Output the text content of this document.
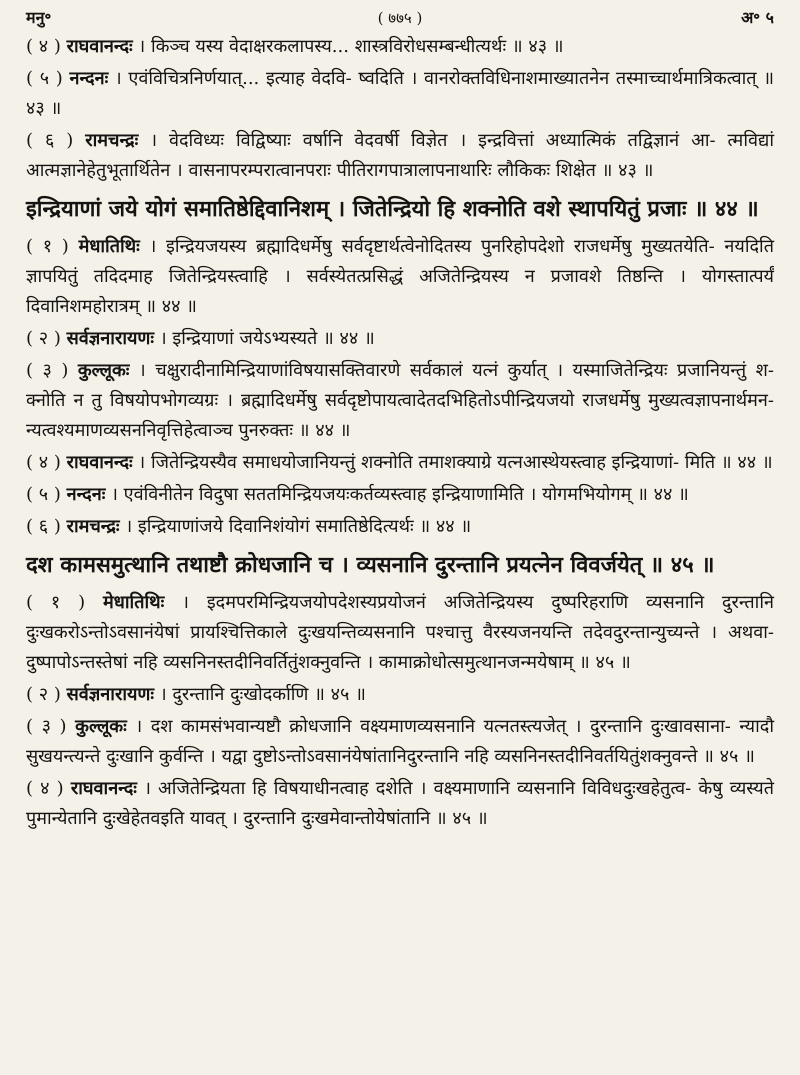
मनु॰	( ७७५ )	अ॰ ५

( ४ ) राघवानन्दः । किञ्च यस्य वेदाक्षरकलापस्य... शास्त्रविरोधसम्बन्धीत्यर्थः ॥ ४३ ॥

( ५ ) नन्दनः । एवंविचित्रनिर्णयात्... इत्याह वेदवि- ष्वदिति । वानरोक्तविधिनाशमाख्यातनेन तस्माच्चार्थमात्रिकत्वात् ॥ ४३ ॥

( ६ ) रामचन्द्रः । वेदविध्यः विद्विष्याः वर्षानि वेदवर्षी विज्ञेत । इन्द्रवित्तां अध्यात्मिकं तद्विज्ञानं आ- त्मविद्यां आत्मज्ञानेहेतुभूतार्थितेन । वासनापरम्परात्वानपराः पीतिरागपात्रालापनाथारिः लौकिकः शिक्षेत ॥ ४३ ॥

इन्द्रियाणां जये योगं समातिष्ठेद्दिवानिशम् । जितेन्द्रियो हि शक्नोति वशे स्थापयितुं प्रजाः ॥ ४४ ॥

( १ ) मेधातिथिः । इन्द्रियजयस्य ब्रह्मादिधर्मेषु सर्वदृष्टार्थत्वेनोदितस्य पुनरिहोपदेशो राजधर्मेषु मुख्यतयेति- नयदिति ज्ञापयितुं तदिदमाह जितेन्द्रियस्त्वाहि । सर्वस्येतत्प्रसिद्धं अजितेन्द्रियस्य न प्रजावशे तिष्ठन्ति । योगस्तात्पर्यं दिवानिशमहोरात्रम् ॥ ४४ ॥

( २ ) सर्वज्ञनारायणः । इन्द्रियाणां जयेऽभ्यस्यते ॥ ४४ ॥

( ३ ) कुल्लूकः । चक्षुरादीनामिन्द्रियाणांविषयासक्तिवारणे सर्वकालं यत्नं कुर्यात् । यस्माजितेन्द्रियः प्रजानियन्तुं श- क्नोति न तु विषयोपभोगव्यग्रः । ब्रह्मादिधर्मेषु सर्वदृष्टोपायत्वादेतदभिहितोऽपीन्द्रियजयो राजधर्मेषु मुख्यत्वज्ञापनार्थमन- न्यत्वश्यमाणव्यसननिवृत्तिहेत्वाञ्च पुनरुक्तः ॥ ४४ ॥

( ४ ) राघवानन्दः । जितेन्द्रियस्यैव समाधयोजानियन्तुं शक्नोति तमाशक्याग्रे यत्नआस्थेयस्त्वाह इन्द्रियाणां- मिति ॥ ४४ ॥

( ५ ) नन्दनः । एवंविनीतेन विदुषा सततमिन्द्रियजयःकर्तव्यस्त्वाह इन्द्रियाणामिति । योगमभियोगम् ॥ ४४ ॥

( ६ ) रामचन्द्रः । इन्द्रियाणांजये दिवानिशंयोगं समातिष्ठेदित्यर्थः ॥ ४४ ॥

दश कामसमुत्थानि तथाष्टौ क्रोधजानि च । व्यसनानि दुरन्तानि प्रयत्नेन विवर्जयेत् ॥ ४५ ॥

( १ ) मेधातिथिः । इदमपरमिन्द्रियजयोपदेशस्यप्रयोजनं अजितेन्द्रियस्य दुष्परिहराणि व्यसनानि दुरन्तानि दुःखकरोऽन्तोऽवसानंयेषां प्रायश्चित्तिकाले दुःखयन्तिव्यसनानि पश्चात्तु वैरस्यजनयन्ति तदेवदुरन्तान्युच्यन्ते । अथवा- दुष्पापोऽन्तस्तेषां नहि व्यसनिनस्तदीनिवर्तितुंशक्नुवन्ति । कामाक्रोधोत्समुत्थानजन्मयेषाम् ॥ ४५ ॥

( २ ) सर्वज्ञनारायणः । दुरन्तानि दुःखोदर्काणि ॥ ४५ ॥

( ३ ) कुल्लूकः । दश कामसंभवान्यष्टौ क्रोधजानि वक्ष्यमाणव्यसनानि यत्नतस्त्यजेत् । दुरन्तानि दुःखावसाना- न्यादौ सुखयन्त्यन्ते दुःखानि कुर्वन्ति । यद्वा दुष्टोऽन्तोऽवसानंयेषांतानिदुरन्तानि नहि व्यसनिनस्तदीनिवर्तयितुंशक्नुवन्ते ॥ ४५ ॥

( ४ ) राघवानन्दः । अजितेन्द्रियता हि विषयाधीनत्वाह दशेति । वक्ष्यमाणानि व्यसनानि विविधदुःखहेतुत्व- केषु व्यस्यते पुमान्येतानि दुःखेहेतवइति यावत् । दुरन्तानि दुःखमेवान्तोयेषांतानि ॥ ४५ ॥
